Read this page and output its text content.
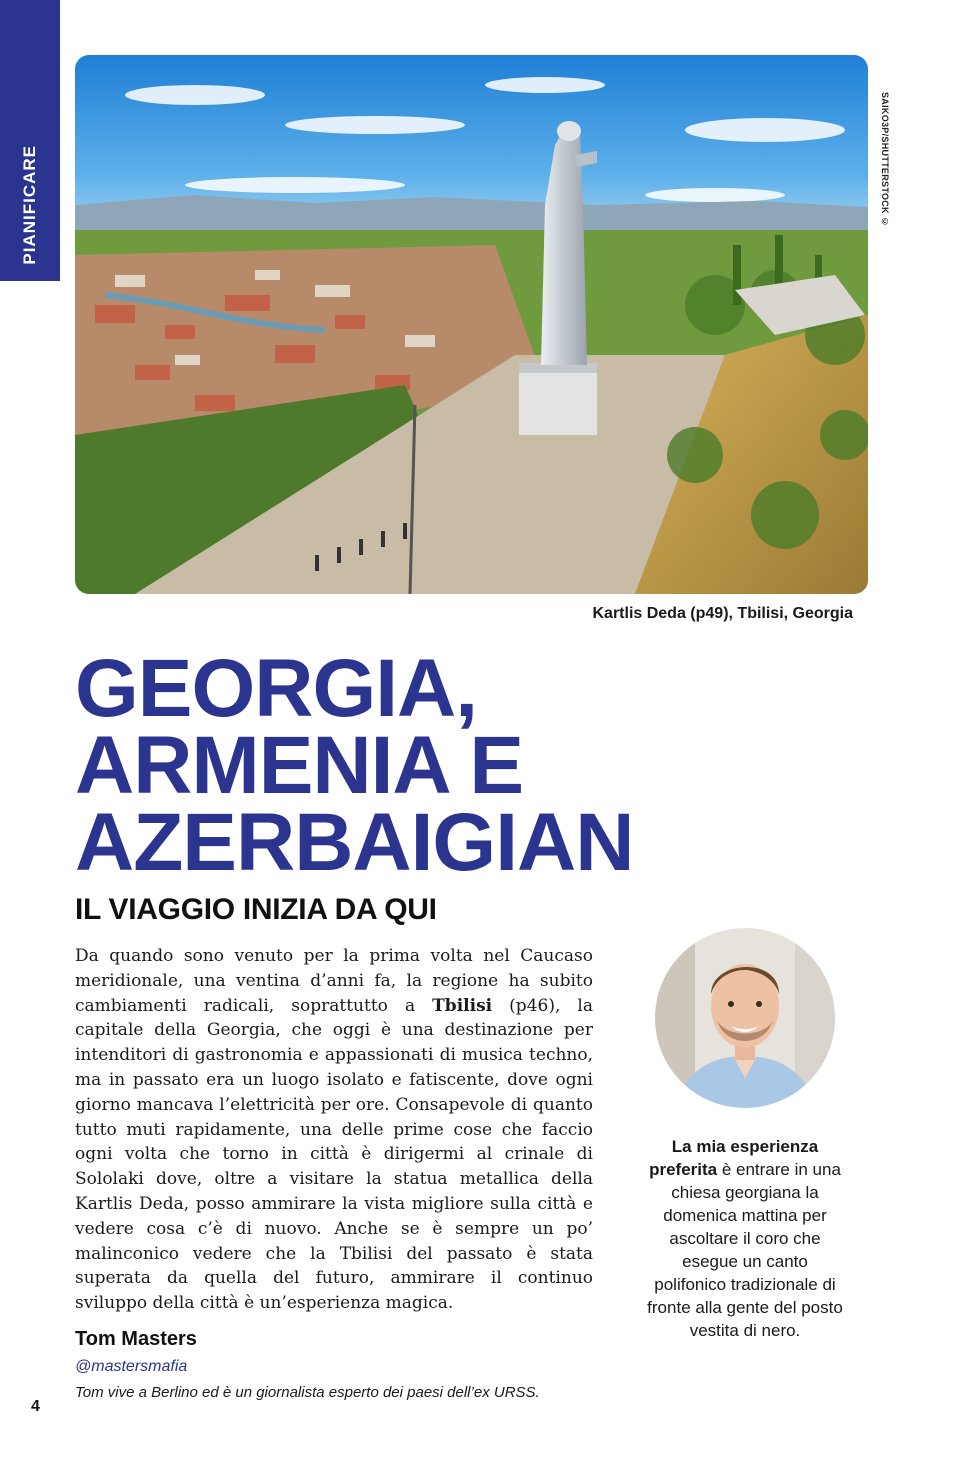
PIANIFICARE	SAIKO3P/SHUTTERSTOCK ©
Kartlis Deda (p49), Tbilisi, Georgia
GEORGIA,
ARMENIA E
AZERBAIGIAN
IL VIAGGIO INIZIA DA QUI

Da quando sono venuto per la prima volta nel Caucaso meridionale, una ventina d’anni fa, la regione ha subito cambiamenti radicali, soprattutto a Tbilisi (p46), la capitale della Georgia, che oggi è una destinazione per intenditori di gastronomia e appassionati di musica techno, ma in passato era un luogo isolato e fatiscente, dove ogni giorno mancava l’elettricità per ore. Consapevole di quanto tutto muti rapidamente, una delle prime cose che faccio ogni volta che torno in città è dirigermi al crinale di Sololaki dove, oltre a visitare la statua metallica della Kartlis Deda, posso ammirare la vista migliore sulla città e vedere cosa c’è di nuovo. Anche se è sempre un po’ malinconico vedere che la Tbilisi del passato è stata superata da quella del futuro, ammirare il continuo sviluppo della città è un’esperienza magica.

Tom Masters
@mastersmafia
Tom vive a Berlino ed è un giornalista esperto dei paesi dell’ex URSS.
4
La mia esperienza preferita è entrare in una chiesa georgiana la domenica mattina per ascoltare il coro che esegue un canto polifonico tradizionale di fronte alla gente del posto vestita di nero.
